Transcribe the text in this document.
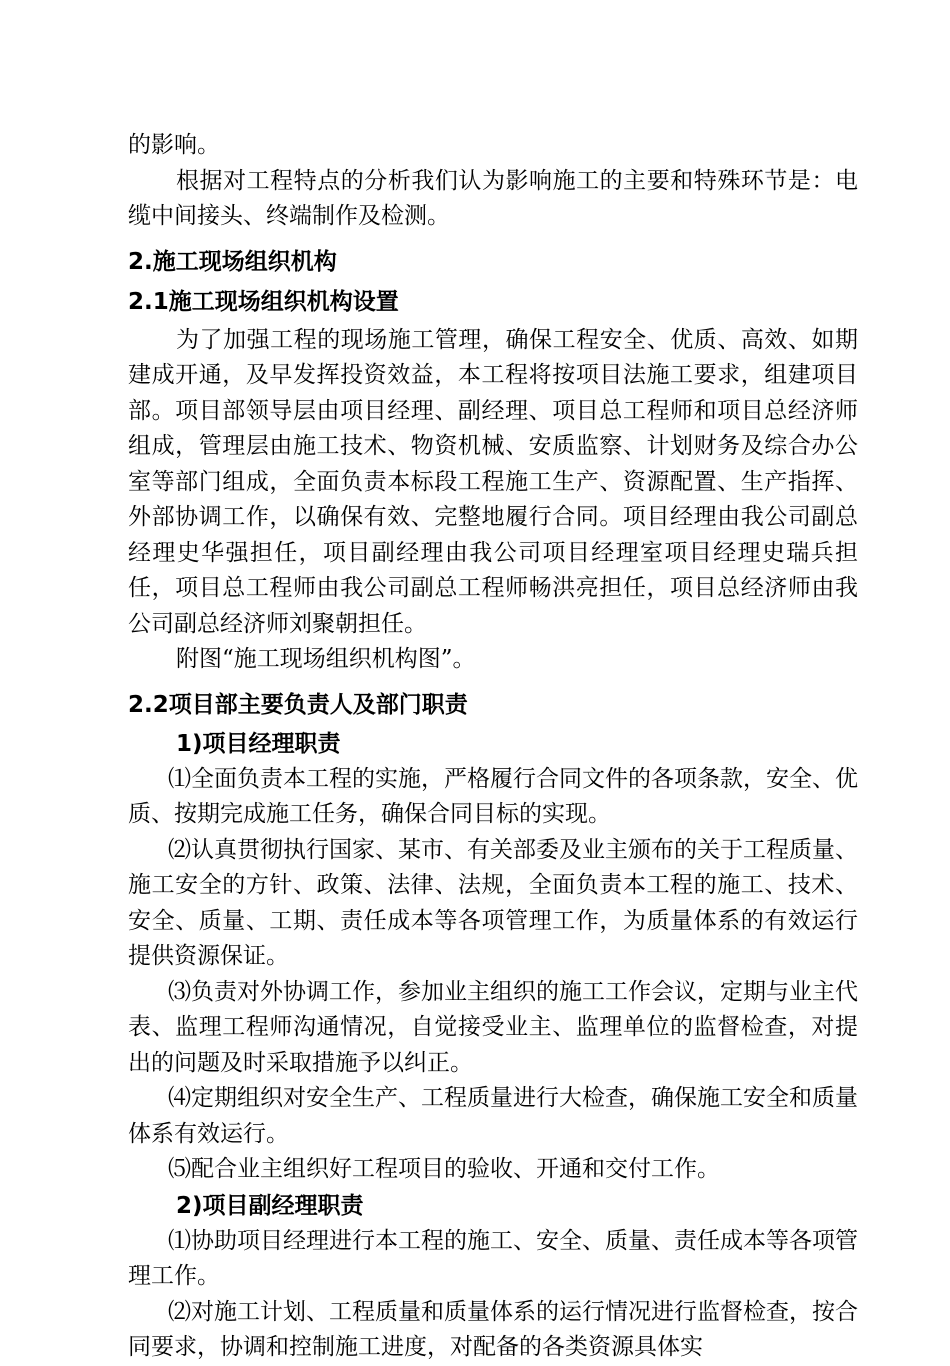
的影响。

根据对工程特点的分析我们认为影响施工的主要和特殊环节是：电缆中间接头、终端制作及检测。

2.施工现场组织机构
2.1施工现场组织机构设置

为了加强工程的现场施工管理，确保工程安全、优质、高效、如期建成开通，及早发挥投资效益，本工程将按项目法施工要求，组建项目部。项目部领导层由项目经理、副经理、项目总工程师和项目总经济师组成，管理层由施工技术、物资机械、安质监察、计划财务及综合办公室等部门组成，全面负责本标段工程施工生产、资源配置、生产指挥、外部协调工作，以确保有效、完整地履行合同。项目经理由我公司副总经理史华强担任，项目副经理由我公司项目经理室项目经理史瑞兵担任，项目总工程师由我公司副总工程师畅洪亮担任，项目总经济师由我公司副总经济师刘聚朝担任。

附图“施工现场组织机构图”。

2.2项目部主要负责人及部门职责
1)项目经理职责

⑴全面负责本工程的实施，严格履行合同文件的各项条款，安全、优质、按期完成施工任务，确保合同目标的实现。

⑵认真贯彻执行国家、某市、有关部委及业主颁布的关于工程质量、施工安全的方针、政策、法律、法规，全面负责本工程的施工、技术、安全、质量、工期、责任成本等各项管理工作，为质量体系的有效运行提供资源保证。

⑶负责对外协调工作，参加业主组织的施工工作会议，定期与业主代表、监理工程师沟通情况，自觉接受业主、监理单位的监督检查，对提出的问题及时采取措施予以纠正。

⑷定期组织对安全生产、工程质量进行大检查，确保施工安全和质量体系有效运行。

⑸配合业主组织好工程项目的验收、开通和交付工作。

2)项目副经理职责

⑴协助项目经理进行本工程的施工、安全、质量、责任成本等各项管理工作。

⑵对施工计划、工程质量和质量体系的运行情况进行监督检查，按合同要求，协调和控制施工进度，对配备的各类资源具体实
